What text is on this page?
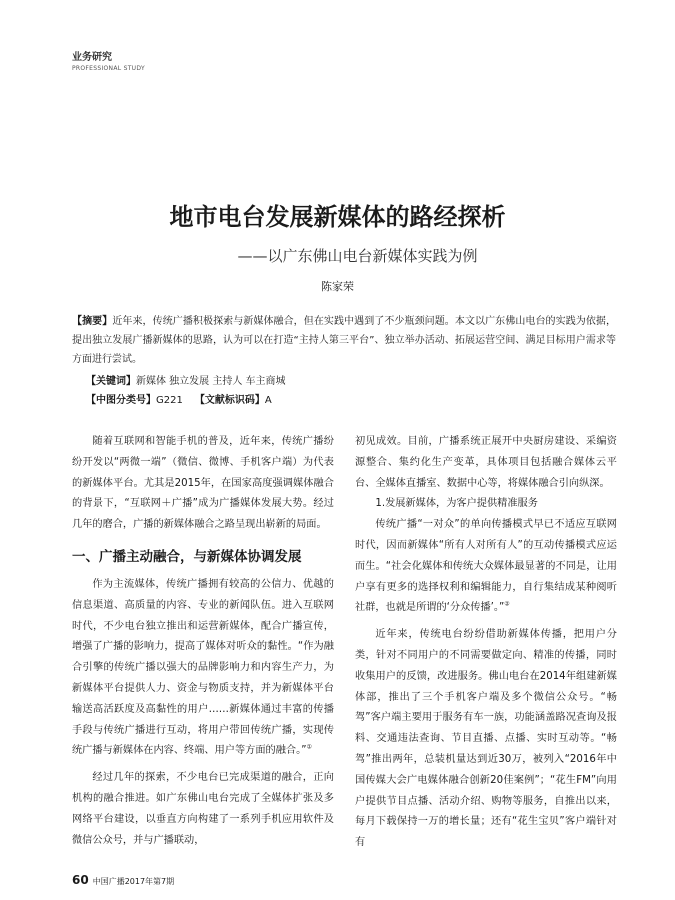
业务研究
PROFESSIONAL STUDY
地市电台发展新媒体的路经探析
——以广东佛山电台新媒体实践为例
陈家荣
【摘要】近年来，传统广播积极探索与新媒体融合，但在实践中遇到了不少瓶颈问题。本文以广东佛山电台的实践为依据，提出独立发展广播新媒体的思路，认为可以在打造“主持人第三平台”、独立举办活动、拓展运营空间、满足目标用户需求等方面进行尝试。
【关键词】新媒体 独立发展 主持人 车主商城
【中图分类号】G221 【文献标识码】A

随着互联网和智能手机的普及，近年来，传统广播纷纷开发以“两微一端”（微信、微博、手机客户端）为代表的新媒体平台。尤其是2015年，在国家高度强调媒体融合的背景下，“互联网＋广播”成为广播媒体发展大势。经过几年的磨合，广播的新媒体融合之路呈现出崭新的局面。

一、广播主动融合，与新媒体协调发展

作为主流媒体，传统广播拥有较高的公信力、优越的信息渠道、高质量的内容、专业的新闻队伍。进入互联网时代，不少电台独立推出和运营新媒体，配合广播宣传，增强了广播的影响力，提高了媒体对听众的黏性。“作为融合引擎的传统广播以强大的品牌影响力和内容生产力，为新媒体平台提供人力、资金与物质支持，并为新媒体平台输送高活跃度及高黏性的用户……新媒体通过丰富的传播手段与传统广播进行互动，将用户带回传统广播，实现传统广播与新媒体在内容、终端、用户等方面的融合。”①

经过几年的探索，不少电台已完成渠道的融合，正向机构的融合推进。如广东佛山电台完成了全媒体扩张及多网络平台建设，以垂直方向构建了一系列手机应用软件及微信公众号，并与广播联动，

初见成效。目前，广播系统正展开中央厨房建设、采编资源整合、集约化生产变革，具体项目包括融合媒体云平台、全媒体直播室、数据中心等，将媒体融合引向纵深。

1.发展新媒体，为客户提供精准服务

传统广播“一对众”的单向传播模式早已不适应互联网时代，因而新媒体“所有人对所有人”的互动传播模式应运而生。“社会化媒体和传统大众媒体最显著的不同是，让用户享有更多的选择权利和编辑能力，自行集结成某种阅听社群，也就是所谓的‘分众传播’。”②

近年来，传统电台纷纷借助新媒体传播，把用户分类，针对不同用户的不同需要做定向、精准的传播，同时收集用户的反馈，改进服务。佛山电台在2014年组建新媒体部，推出了三个手机客户端及多个微信公众号。“畅驾”客户端主要用于服务有车一族，功能涵盖路况查询及报料、交通违法查询、节目直播、点播、实时互动等。“畅驾”推出两年，总装机量达到近30万，被列入“2016年中国传媒大会广电媒体融合创新20佳案例”；“花生FM”向用户提供节目点播、活动介绍、购物等服务，自推出以来，每月下载保持一万的增长量；还有“花生宝贝”客户端针对有

60 中国广播2017年第7期
